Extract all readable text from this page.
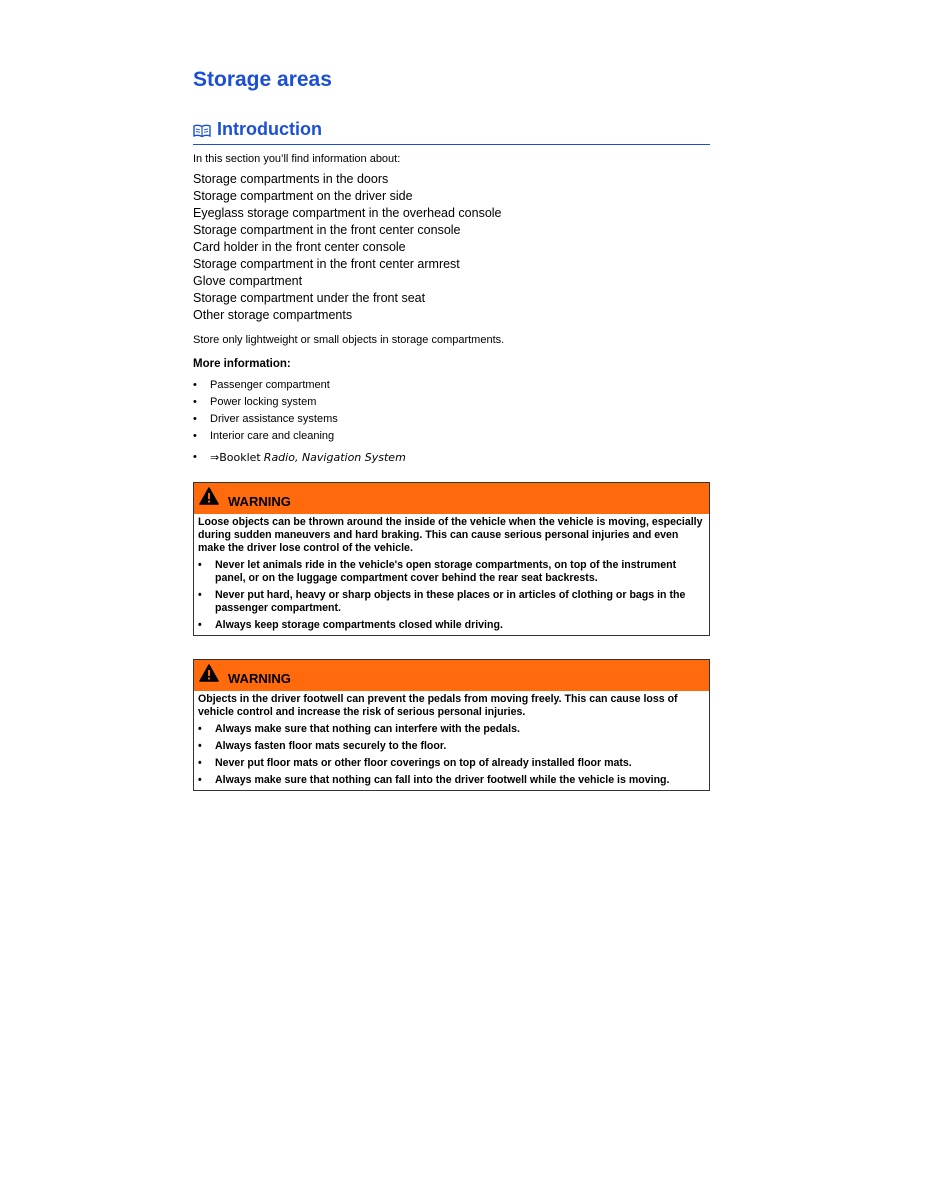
Storage areas
Introduction
In this section you’ll find information about:
Storage compartments in the doors
Storage compartment on the driver side
Eyeglass storage compartment in the overhead console
Storage compartment in the front center console
Card holder in the front center console
Storage compartment in the front center armrest
Glove compartment
Storage compartment under the front seat
Other storage compartments
Store only lightweight or small objects in storage compartments.
More information:
• Passenger compartment
• Power locking system
• Driver assistance systems
• Interior care and cleaning
• ⇒Booklet Radio, Navigation System
WARNING

Loose objects can be thrown around the inside of the vehicle when the vehicle is moving, especially during sudden maneuvers and hard braking. This can cause serious personal injuries and even make the driver lose control of the vehicle.

• Never let animals ride in the vehicle's open storage compartments, on top of the instrument panel, or on the luggage compartment cover behind the rear seat backrests.
• Never put hard, heavy or sharp objects in these places or in articles of clothing or bags in the passenger compartment.
• Always keep storage compartments closed while driving.
WARNING

Objects in the driver footwell can prevent the pedals from moving freely. This can cause loss of vehicle control and increase the risk of serious personal injuries.

• Always make sure that nothing can interfere with the pedals.
• Always fasten floor mats securely to the floor.
• Never put floor mats or other floor coverings on top of already installed floor mats.
• Always make sure that nothing can fall into the driver footwell while the vehicle is moving.
